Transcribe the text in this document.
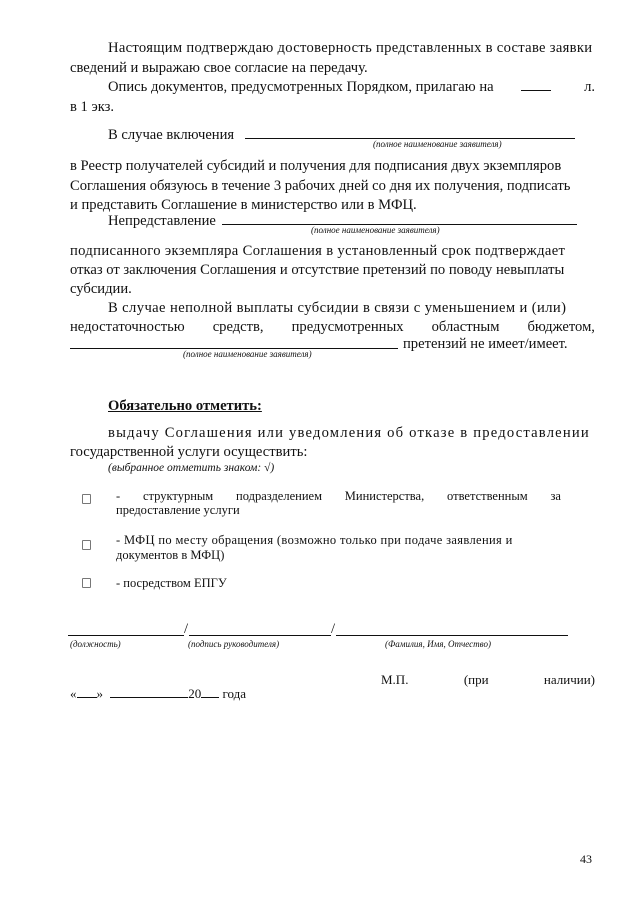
Настоящим подтверждаю достоверность представленных в составе заявки
сведений и выражаю свое согласие на передачу.
Опись документов, предусмотренных Порядком, прилагаю на	л.
в 1 экз.
В случае включения
(полное наименование заявителя)
в Реестр получателей субсидий и получения для подписания двух экземпляров
Соглашения обязуюсь в течение 3 рабочих дней со дня их получения, подписать
и представить Соглашение в министерство или в МФЦ.
Непредставление
(полное наименование заявителя)
подписанного экземпляра Соглашения в установленный срок подтверждает
отказ от заключения Соглашения и отсутствие претензий по поводу невыплаты
субсидии.
В случае неполной выплаты субсидии в связи с уменьшением и (или)
недостаточностью средств, предусмотренных областным бюджетом,
претензий не имеет/имеет.
(полное наименование заявителя)
Обязательно отметить:
выдачу Соглашения или уведомления об отказе в предоставлении
государственной услуги осуществить:
(выбранное отметить знаком: √)
- структурным подразделением Министерства, ответственным за
предоставление услуги
- МФЦ по месту обращения (возможно только при подаче заявления и
документов в МФЦ)
- посредством ЕПГУ
/	/
(должность)	(подпись руководителя)	(Фамилия, Имя, Отчество)
М.П.	(при	наличии)
« »	20 года
43
